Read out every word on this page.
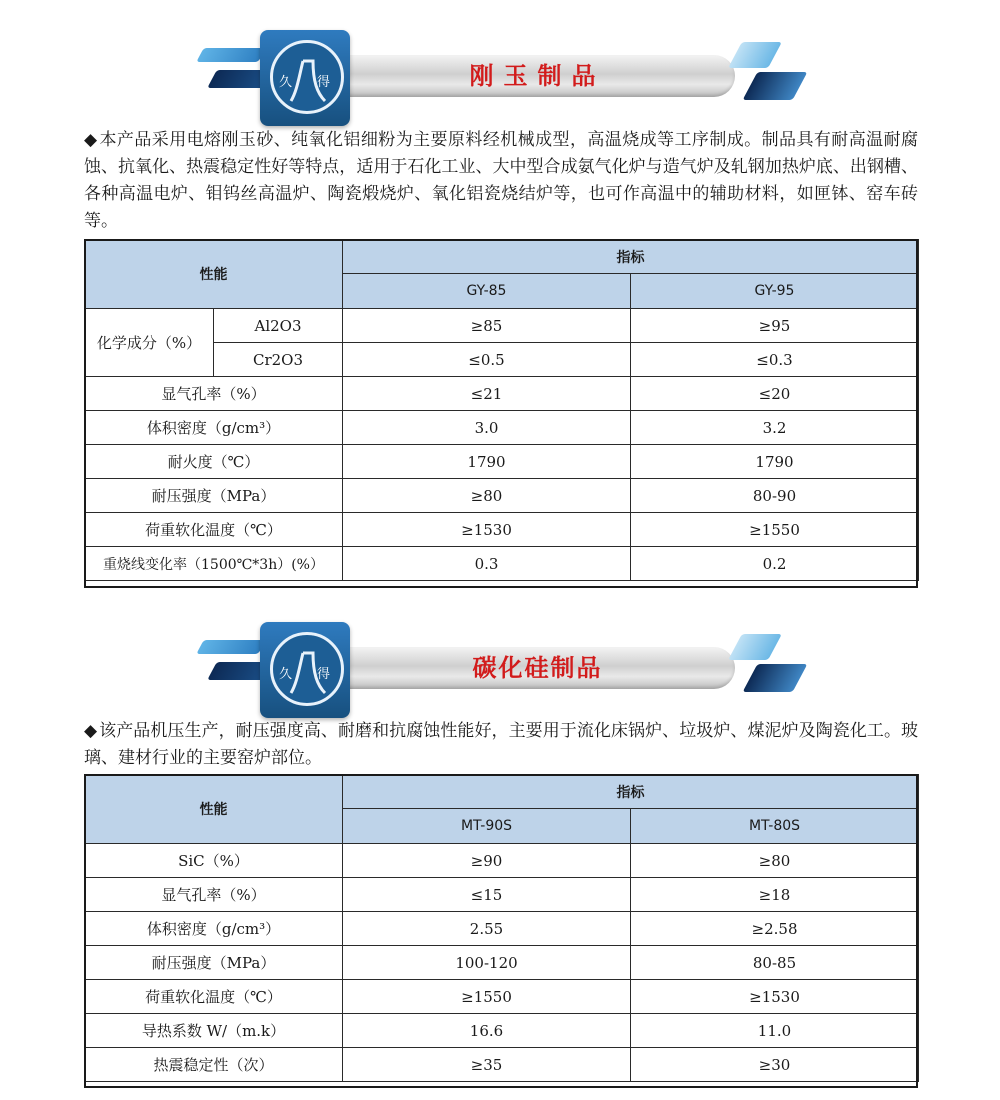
刚玉制品
久 得
◆ 本产品采用电熔刚玉砂、纯氧化铝细粉为主要原料经机械成型，高温烧成等工序制成。制品具有耐高温耐腐蚀、抗氧化、热震稳定性好等特点，适用于石化工业、大中型合成氨气化炉与造气炉及轧钢加热炉底、出钢槽、各种高温电炉、钼钨丝高温炉、陶瓷煅烧炉、氧化铝瓷烧结炉等，也可作高温中的辅助材料，如匣钵、窑车砖等。
性能		指标	
		GY-85	GY-95
化学成分（%）	Al2O3	≥85	≥95
	Cr2O3	≤0.5	≤0.3
显气孔率（%）		≤21	≤20
体积密度（g/cm³）		3.0	3.2
耐火度（℃）		1790	1790
耐压强度（MPa）		≥80	80-90
荷重软化温度（℃）		≥1530	≥1550
重烧线变化率（1500℃*3h）(%）		0.3	0.2
碳化硅制品
久 得
◆ 该产品机压生产，耐压强度高、耐磨和抗腐蚀性能好，主要用于流化床锅炉、垃圾炉、煤泥炉及陶瓷化工。玻璃、建材行业的主要窑炉部位。
性能	指标	
	MT-90S	MT-80S
SiC（%）	≥90	≥80
显气孔率（%）	≤15	≥18
体积密度（g/cm³）	2.55	≥2.58
耐压强度（MPa）	100-120	80-85
荷重软化温度（℃）	≥1550	≥1530
导热系数 W/（m.k）	16.6	11.0
热震稳定性（次）	≥35	≥30
